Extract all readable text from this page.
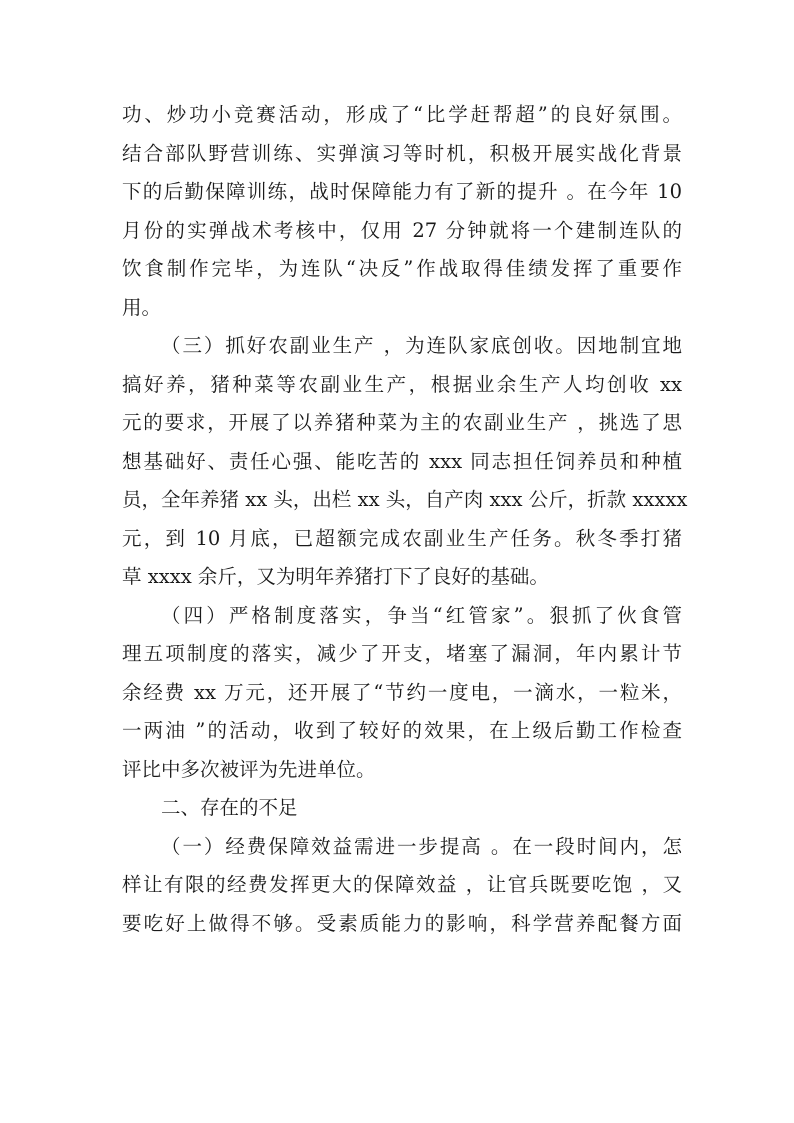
功、炒功小竞赛活动，形成了“比学赶帮超”的良好氛围。
结合部队野营训练、实弹演习等时机，积极开展实战化背景
下的后勤保障训练，战时保障能力有了新的提升 。在今年 10
月份的实弹战术考核中，仅用 27 分钟就将一个建制连队的
饮食制作完毕，为连队“决反”作战取得佳绩发挥了重要作
用。
（三）抓好农副业生产 ，为连队家底创收。因地制宜地
搞好养，猪种菜等农副业生产，根据业余生产人均创收 xx
元的要求，开展了以养猪种菜为主的农副业生产 ，挑选了思
想基础好、责任心强、能吃苦的 xxx 同志担任饲养员和种植
员，全年养猪 xx 头，出栏 xx 头，自产肉 xxx 公斤，折款 xxxxx
元，到 10 月底，已超额完成农副业生产任务。秋冬季打猪
草 xxxx 余斤，又为明年养猪打下了良好的基础。
（四）严格制度落实，争当“红管家”。狠抓了伙食管
理五项制度的落实，减少了开支，堵塞了漏洞，年内累计节
余经费 xx 万元，还开展了“节约一度电，一滴水，一粒米，
一两油 ”的活动，收到了较好的效果，在上级后勤工作检查
评比中多次被评为先进单位。
二、存在的不足
（一）经费保障效益需进一步提高 。在一段时间内，怎
样让有限的经费发挥更大的保障效益 ，让官兵既要吃饱 ，又
要吃好上做得不够。受素质能力的影响，科学营养配餐方面
